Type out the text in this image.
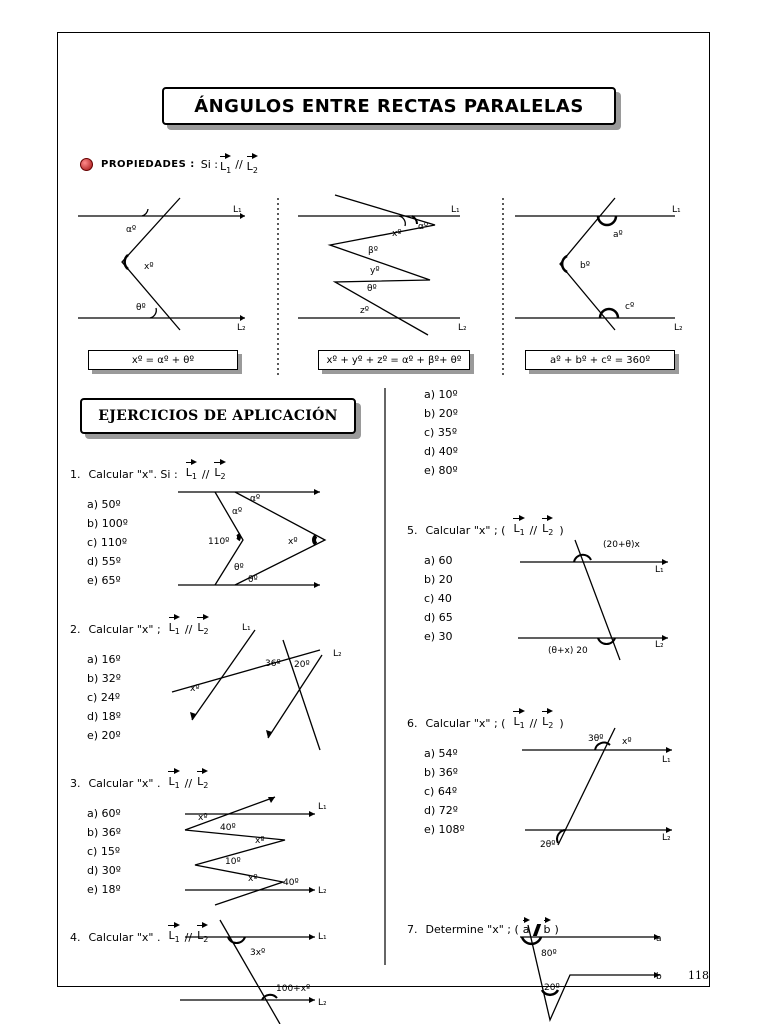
ÁNGULOS ENTRE RECTAS PARALELAS
PROPIEDADES : Si : $L_1 // L_2$
L₁
L₂
αº
xº
θº
L₁
L₂
xº
αº
βº
yº
θº
zº
L₁
L₂
aº
bº
cº
110º	xº
αº
αº
θº
θº
36º 20º
xº
L₁
L₂
L₁
L₂
xº
40º
xº
10º
xº	40º
L₁
L₂
3xº
100+xº
(20+θ)x
(θ+x) 20
L₁
L₂
3θº xº
2θº
L₁
L₂
80º
20º
a
b
xº = αº + θº	xº + yº + zº = αº + βº+ θº	aº + bº + cº = 360º
EJERCICIOS DE APLICACIÓN
1. Calcular "x". Si : $L_1 // L_2$
a) 50º
b) 100º
c) 110º
d) 55º
e) 65º
2. Calcular "x" ; $L_1 // L_2$
a) 16º
b) 32º
c) 24º
d) 18º
e) 20º
3. Calcular "x" . $L_1 // L_2$
a) 60º
b) 36º
c) 15º
d) 30º
e) 18º
4. Calcular "x" . $L_1 // L_2$
a) 10º
b) 20º
c) 35º
d) 40º
e) 80º
5. Calcular "x" ; ( $L_1 // L_2$ )
a) 60
b) 20
c) 40
d) 65
e) 30
6. Calcular "x" ; ( $L_1 // L_2$ )
a) 54º
b) 36º
c) 64º
d) 72º
e) 108º
7. Determine "x" ; ( a b )
118
